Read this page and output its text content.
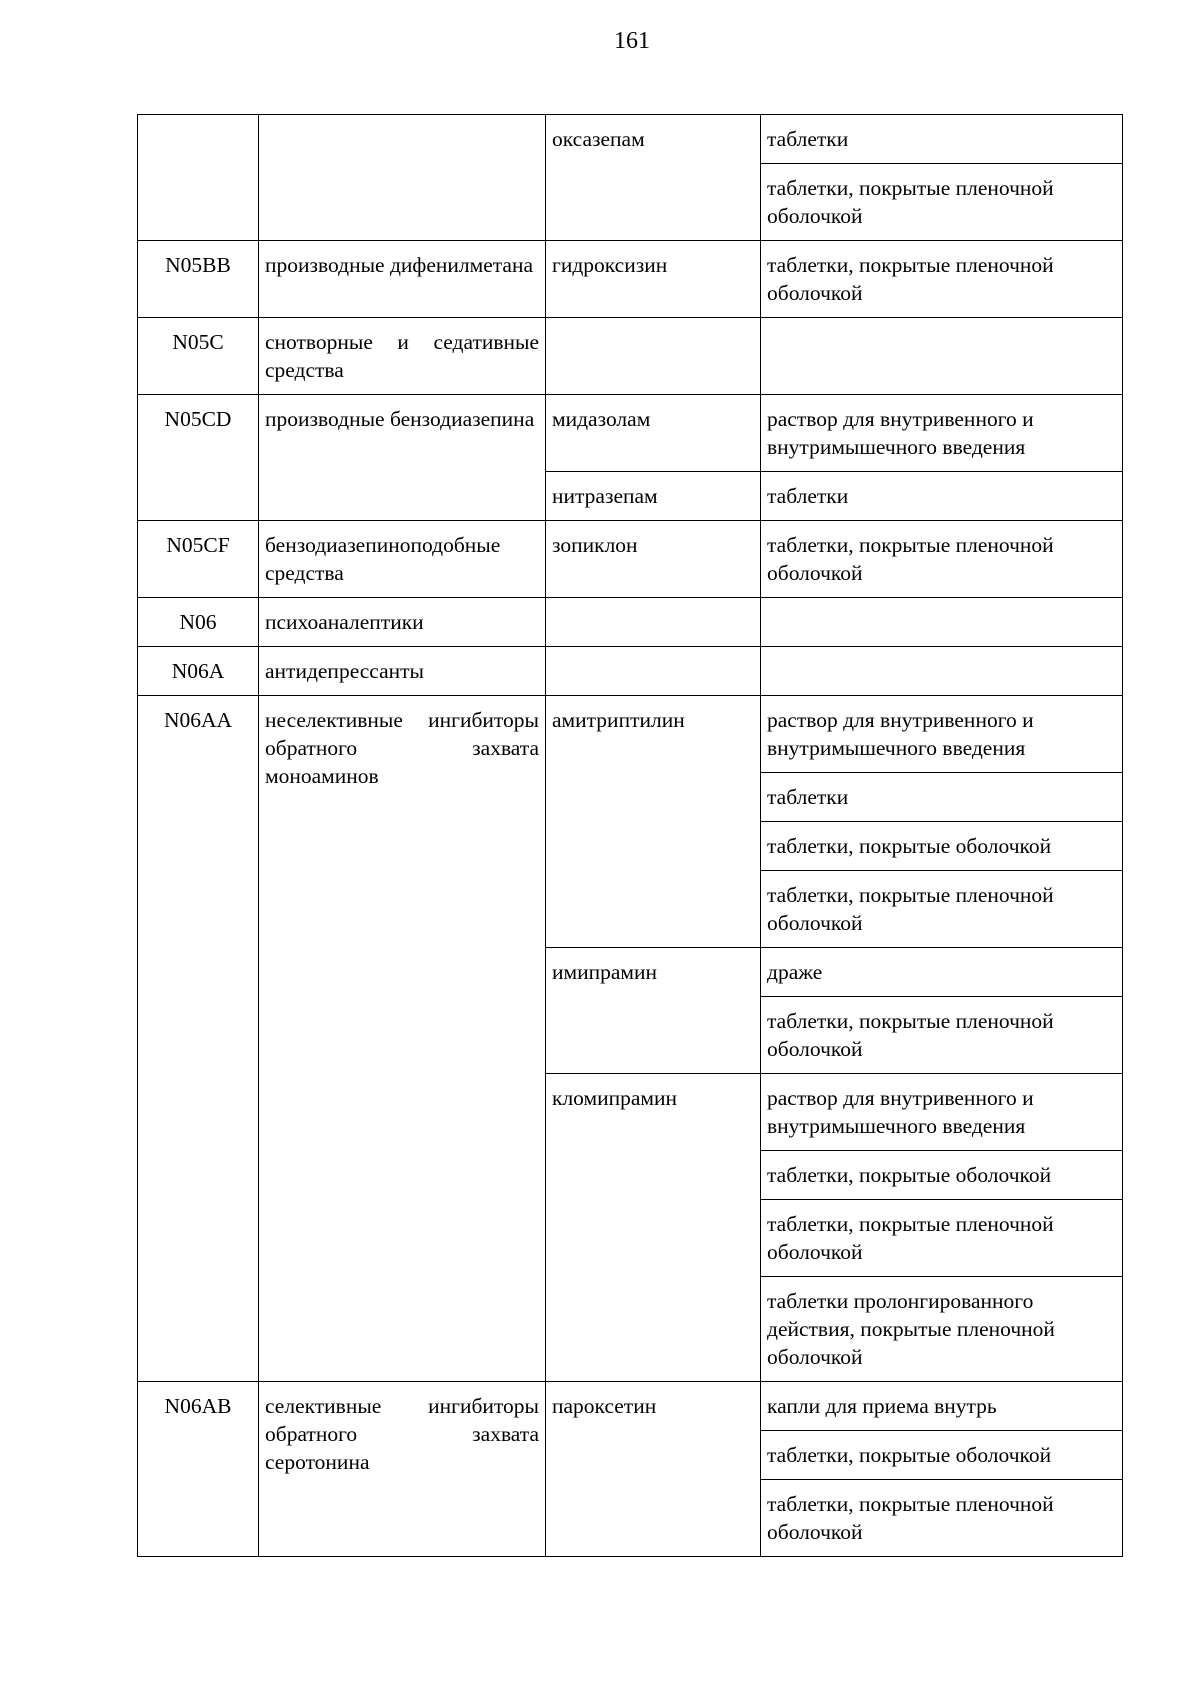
161
		оксазепам	таблетки
			таблетки, покрытые пленочной оболочкой
N05BB	производные дифенилметана	гидроксизин	таблетки, покрытые пленочной оболочкой
N05C	снотворные и седативные средства		
N05CD	производные бензодиазепина	мидазолам	раствор для внутривенного и внутримышечного введения
		нитразепам	таблетки
N05CF	бензодиазепиноподобные средства	зопиклон	таблетки, покрытые пленочной оболочкой
N06	психоаналептики		
N06A	антидепрессанты		
N06AA	неселективные ингибиторы обратного захвата моноаминов	амитриптилин	раствор для внутривенного и внутримышечного введения
			таблетки
			таблетки, покрытые оболочкой
			таблетки, покрытые пленочной оболочкой
		имипрамин	драже
			таблетки, покрытые пленочной оболочкой
		кломипрамин	раствор для внутривенного и внутримышечного введения
			таблетки, покрытые оболочкой
			таблетки, покрытые пленочной оболочкой
			таблетки пролонгированного действия, покрытые пленочной оболочкой
N06AB	селективные ингибиторы обратного захвата серотонина	пароксетин	капли для приема внутрь
			таблетки, покрытые оболочкой
			таблетки, покрытые пленочной оболочкой
